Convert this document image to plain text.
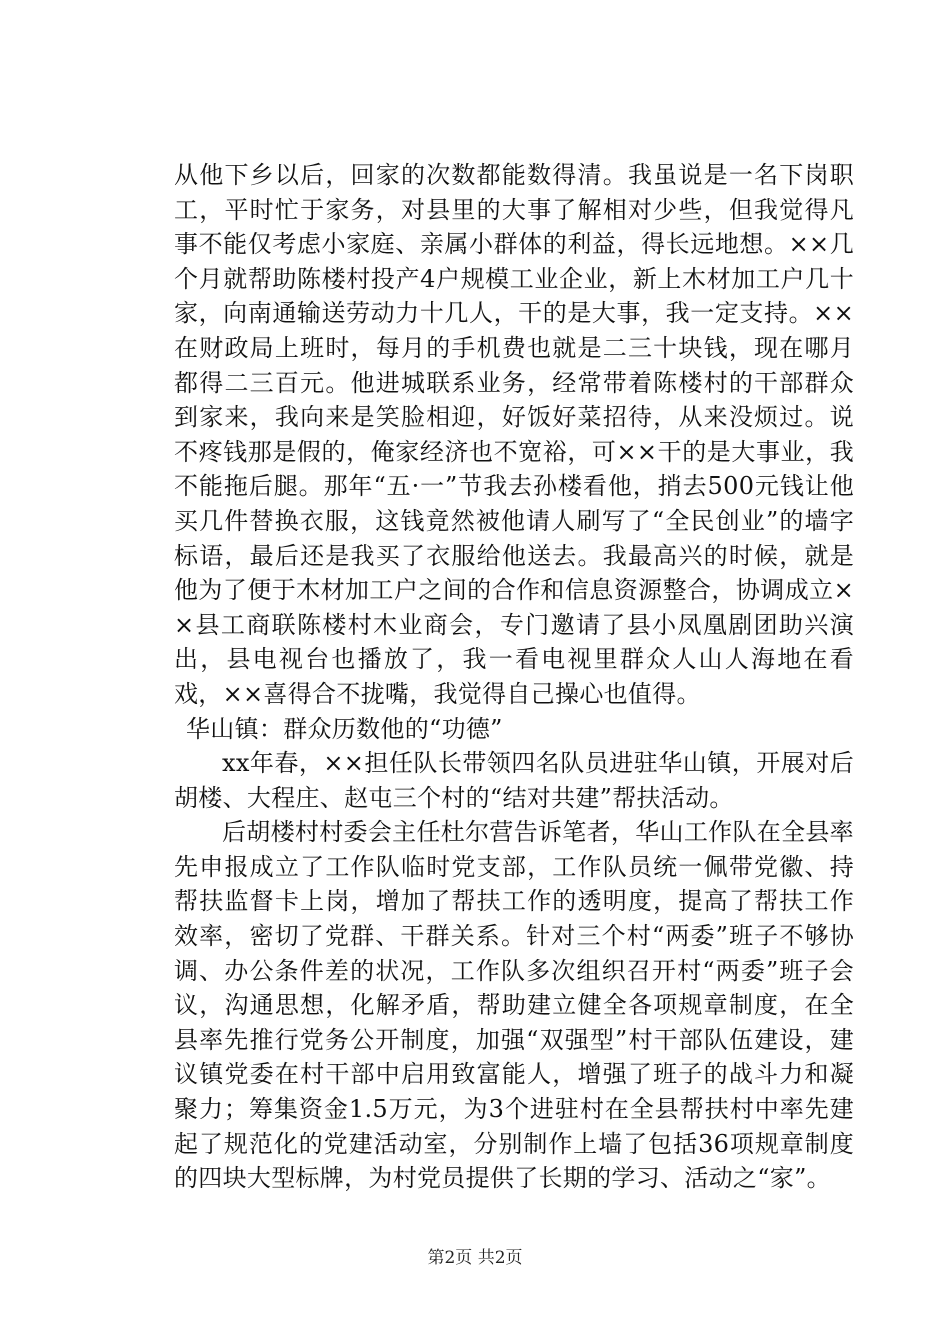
从他下乡以后，回家的次数都能数得清。我虽说是一名下岗职工，平时忙于家务，对县里的大事了解相对少些，但我觉得凡事不能仅考虑小家庭、亲属小群体的利益，得长远地想。××几个月就帮助陈楼村投产4户规模工业企业，新上木材加工户几十家，向南通输送劳动力十几人，干的是大事，我一定支持。××在财政局上班时，每月的手机费也就是二三十块钱，现在哪月都得二三百元。他进城联系业务，经常带着陈楼村的干部群众到家来，我向来是笑脸相迎，好饭好菜招待，从来没烦过。说不疼钱那是假的，俺家经济也不宽裕，可××干的是大事业，我不能拖后腿。那年“五·一”节我去孙楼看他，捎去500元钱让他买几件替换衣服，这钱竟然被他请人刷写了“全民创业”的墙字标语，最后还是我买了衣服给他送去。我最高兴的时候，就是他为了便于木材加工户之间的合作和信息资源整合，协调成立××县工商联陈楼村木业商会，专门邀请了县小凤凰剧团助兴演出，县电视台也播放了，我一看电视里群众人山人海地在看戏，××喜得合不拢嘴，我觉得自己操心也值得。

华山镇：群众历数他的“功德”

xx年春，××担任队长带领四名队员进驻华山镇，开展对后胡楼、大程庄、赵屯三个村的“结对共建”帮扶活动。

后胡楼村村委会主任杜尔营告诉笔者，华山工作队在全县率先申报成立了工作队临时党支部，工作队员统一佩带党徽、持帮扶监督卡上岗，增加了帮扶工作的透明度，提高了帮扶工作效率，密切了党群、干群关系。针对三个村“两委”班子不够协调、办公条件差的状况，工作队多次组织召开村“两委”班子会议，沟通思想，化解矛盾，帮助建立健全各项规章制度，在全县率先推行党务公开制度，加强“双强型”村干部队伍建设，建议镇党委在村干部中启用致富能人，增强了班子的战斗力和凝聚力；筹集资金1.5万元，为3个进驻村在全县帮扶村中率先建起了规范化的党建活动室，分别制作上墙了包括36项规章制度的四块大型标牌，为村党员提供了长期的学习、活动之“家”。

第2页 共2页
